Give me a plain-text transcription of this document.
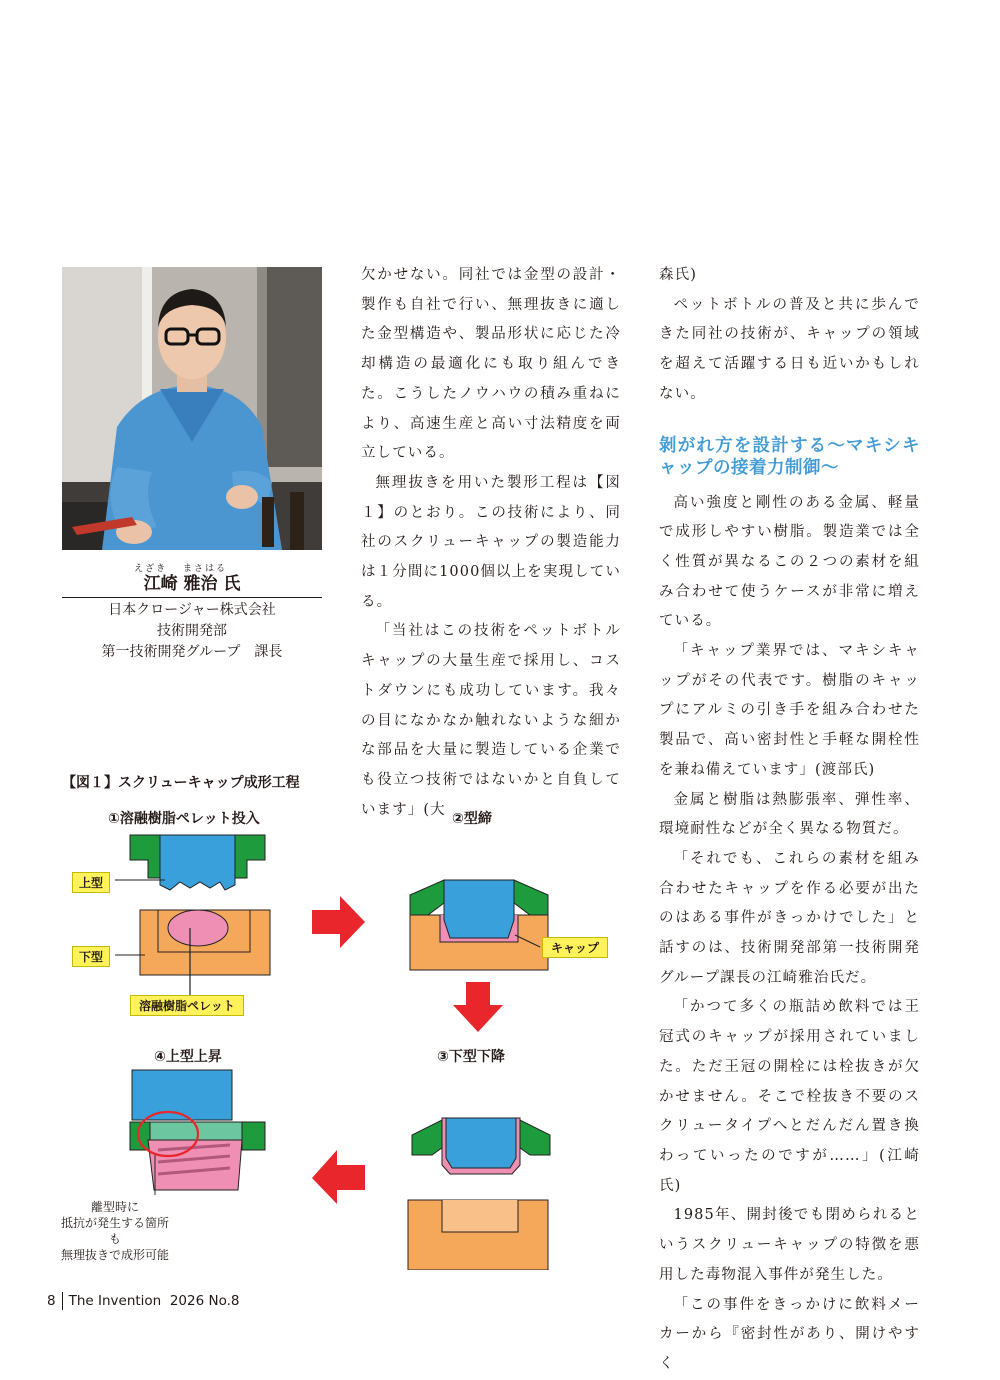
えざき まさはる
江崎 雅治 氏
日本クロージャー株式会社
技術開発部
第一技術開発グループ　課長

欠かせない。同社では金型の設計・製作も自社で行い、無理抜きに適した金型構造や、製品形状に応じた冷却構造の最適化にも取り組んできた。こうしたノウハウの積み重ねにより、高速生産と高い寸法精度を両立している。

無理抜きを用いた製形工程は【図１】のとおり。この技術により、同社のスクリューキャップの製造能力は１分間に1000個以上を実現している。

「当社はこの技術をペットボトルキャップの大量生産で採用し、コストダウンにも成功しています。我々の目になかなか触れないような細かな部品を大量に製造している企業でも役立つ技術ではないかと自負しています」(大

森氏)

ペットボトルの普及と共に歩んできた同社の技術が、キャップの領域を超えて活躍する日も近いかもしれない。

剝がれ方を設計する〜マキシキャップの接着力制御〜

高い強度と剛性のある金属、軽量で成形しやすい樹脂。製造業では全く性質が異なるこの２つの素材を組み合わせて使うケースが非常に増えている。

「キャップ業界では、マキシキャップがその代表です。樹脂のキャップにアルミの引き手を組み合わせた製品で、高い密封性と手軽な開栓性を兼ね備えています」(渡部氏)

金属と樹脂は熱膨張率、弾性率、環境耐性などが全く異なる物質だ。

「それでも、これらの素材を組み合わせたキャップを作る必要が出たのはある事件がきっかけでした」と話すのは、技術開発部第一技術開発グループ課長の江崎雅治氏だ。

「かつて多くの瓶詰め飲料では王冠式のキャップが採用されていました。ただ王冠の開栓には栓抜きが欠かせません。そこで栓抜き不要のスクリュータイプへとだんだん置き換わっていったのですが……」(江崎氏)

1985年、開封後でも閉められるというスクリューキャップの特徴を悪用した毒物混入事件が発生した。

「この事件をきっかけに飲料メーカーから『密封性があり、開けやすく

【図１】スクリューキャップ成形工程
①溶融樹脂ペレット投入	②型締
③下型下降
④上型上昇
上型
下型
溶融樹脂ペレット
キャップ
離型時に
抵抗が発生する箇所も
無理抜きで成形可能
8 The Invention 2026 No.8
